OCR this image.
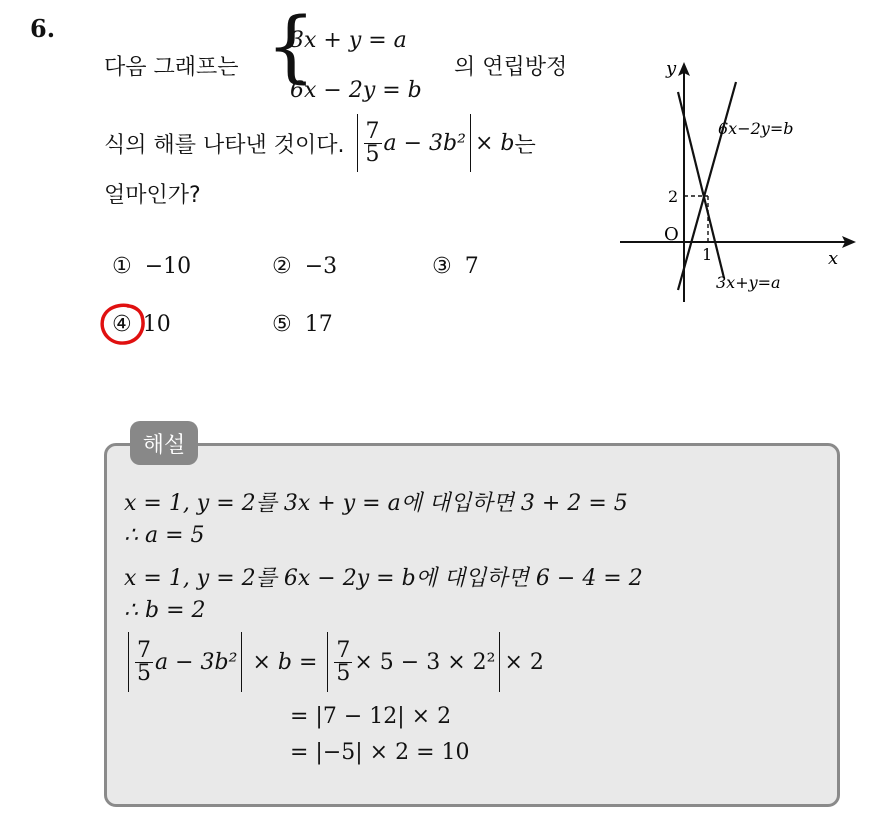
6.
다음 그래프는 {
3x + y = a
6x − 2y = b
의 연립방정
식의 해를 나타낸 것이다. $\frac{7}{5}$ a − 3b² × b 는
얼마인가?
① −10	② −3	③ 7
④ 10	⑤ 17
y
x
O
1
2
6x−2y=b
3x+y=a
해설
x = 1, y = 2를 3x + y = a에 대입하면 3 + 2 = 5
∴ a = 5
x = 1, y = 2를 6x − 2y = b에 대입하면 6 − 4 = 2
∴ b = 2
$\frac{7}{5}$ $a - 3b^2 \times b = \frac{7}{5} \times 5 - 3 \times 2^2 \times 2$
= |7 − 12| × 2
= |−5| × 2 = 10
